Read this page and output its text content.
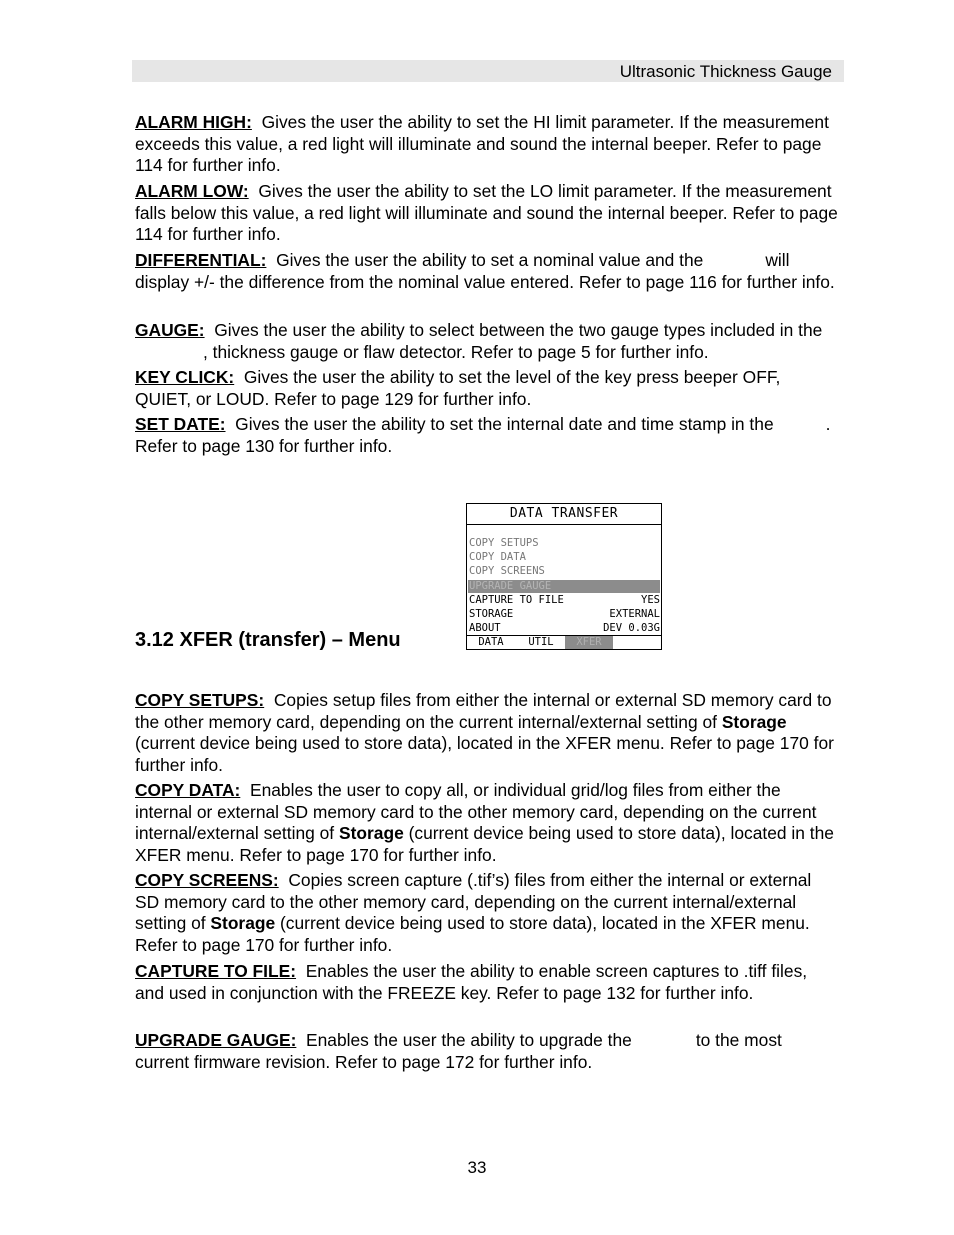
Ultrasonic Thickness Gauge

ALARM HIGH: Gives the user the ability to set the HI limit parameter. If the measurement exceeds this value, a red light will illuminate and sound the internal beeper. Refer to page 114 for further info.

ALARM LOW: Gives the user the ability to set the LO limit parameter. If the measurement falls below this value, a red light will illuminate and sound the internal beeper. Refer to page 114 for further info.

DIFFERENTIAL: Gives the user the ability to set a nominal value and the	will display +/- the difference from the nominal value entered. Refer to page 116 for further info.

GAUGE: Gives the user the ability to select between the two gauge types included in the, thickness gauge or flaw detector. Refer to page 5 for further info.

KEY CLICK: Gives the user the ability to set the level of the key press beeper OFF, QUIET, or LOUD. Refer to page 129 for further info.

SET DATE: Gives the user the ability to set the internal date and time stamp in the	. Refer to page 130 for further info.

3.12 XFER (transfer) – Menu
DATA TRANSFER
COPY SETUPS
COPY DATA
COPY SCREENS
UPGRADE GAUGE
CAPTURE TO FILE	YES
STORAGE	EXTERNAL
ABOUT	DEV 0.03G
DATA	UTIL	XFER

COPY SETUPS: Copies setup files from either the internal or external SD memory card to the other memory card, depending on the current internal/external setting of Storage (current device being used to store data), located in the XFER menu. Refer to page 170 for further info.

COPY DATA: Enables the user to copy all, or individual grid/log files from either the internal or external SD memory card to the other memory card, depending on the current internal/external setting of Storage (current device being used to store data), located in the XFER menu. Refer to page 170 for further info.

COPY SCREENS: Copies screen capture (.tif’s) files from either the internal or external SD memory card to the other memory card, depending on the current internal/external setting of Storage (current device being used to store data), located in the XFER menu. Refer to page 170 for further info.

CAPTURE TO FILE: Enables the user the ability to enable screen captures to .tiff files, and used in conjunction with the FREEZE key. Refer to page 132 for further info.

UPGRADE GAUGE: Enables the user the ability to upgrade the	to the most current firmware revision. Refer to page 172 for further info.

33
